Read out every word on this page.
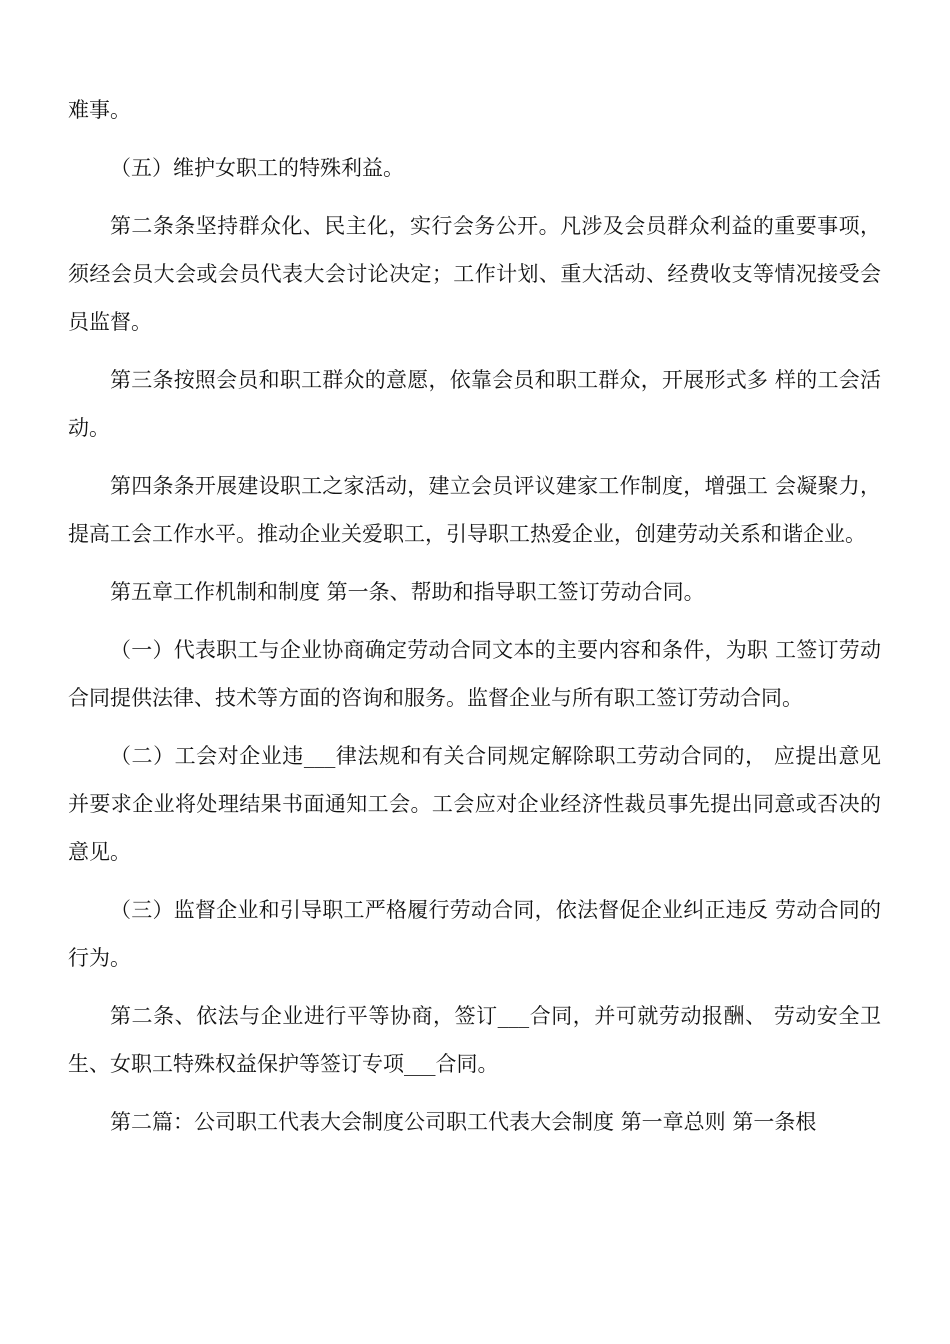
难事。

（五）维护女职工的特殊利益。

第二条条坚持群众化、民主化，实行会务公开。凡涉及会员群众利益的重要事项，须经会员大会或会员代表大会讨论决定；工作计划、重大活动、经费收支等情况接受会员监督。

第三条按照会员和职工群众的意愿，依靠会员和职工群众，开展形式多 样的工会活动。

第四条条开展建设职工之家活动，建立会员评议建家工作制度，增强工 会凝聚力，提高工会工作水平。推动企业关爱职工，引导职工热爱企业，创建劳动关系和谐企业。

第五章工作机制和制度 第一条、帮助和指导职工签订劳动合同。

（一）代表职工与企业协商确定劳动合同文本的主要内容和条件，为职 工签订劳动合同提供法律、技术等方面的咨询和服务。监督企业与所有职工签订劳动合同。

（二）工会对企业违___律法规和有关合同规定解除职工劳动合同的， 应提出意见并要求企业将处理结果书面通知工会。工会应对企业经济性裁员事先提出同意或否决的意见。

（三）监督企业和引导职工严格履行劳动合同，依法督促企业纠正违反 劳动合同的行为。

第二条、依法与企业进行平等协商，签订___合同，并可就劳动报酬、 劳动安全卫生、女职工特殊权益保护等签订专项___合同。

第二篇：公司职工代表大会制度公司职工代表大会制度 第一章总则 第一条根
